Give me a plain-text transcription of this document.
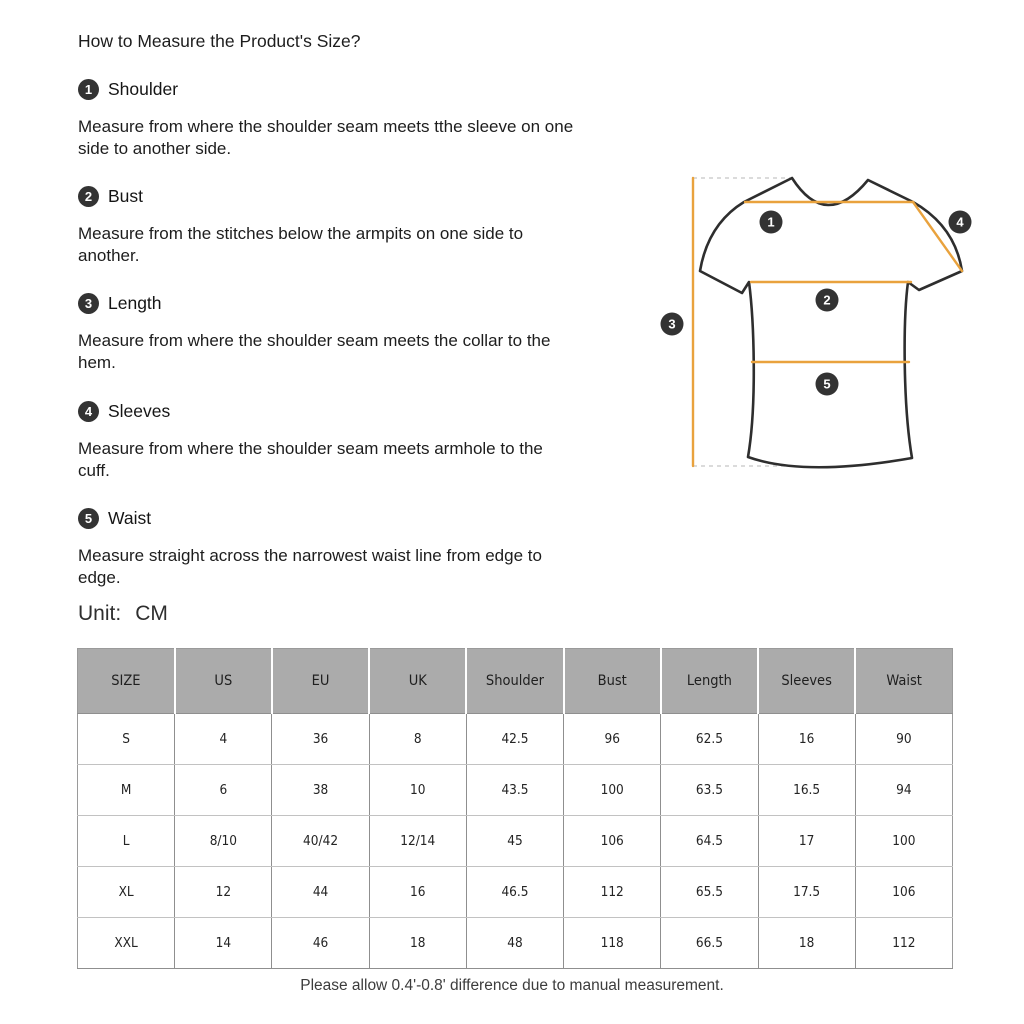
How to Measure the Product's Size?
1 Shoulder
Measure from where the shoulder seam meets tthe sleeve on one side to another side.
2 Bust
Measure from the stitches below the armpits on one side to another.
3 Length
Measure from where the shoulder seam meets the collar to the hem.
4 Sleeves
Measure from where the shoulder seam meets armhole to the cuff.
5 Waist
Measure straight across the narrowest waist line from edge to edge.
Unit: CM
1
2
3
4
5
SIZE	US	EU	UK	Shoulder	Bust	Length	Sleeves	Waist
S	4	36	8	42.5	96	62.5	16	90
M	6	38	10	43.5	100	63.5	16.5	94
L	8/10	40/42	12/14	45	106	64.5	17	100
XL	12	44	16	46.5	112	65.5	17.5	106
XXL	14	46	18	48	118	66.5	18	112
Please allow 0.4'-0.8' difference due to manual measurement.
